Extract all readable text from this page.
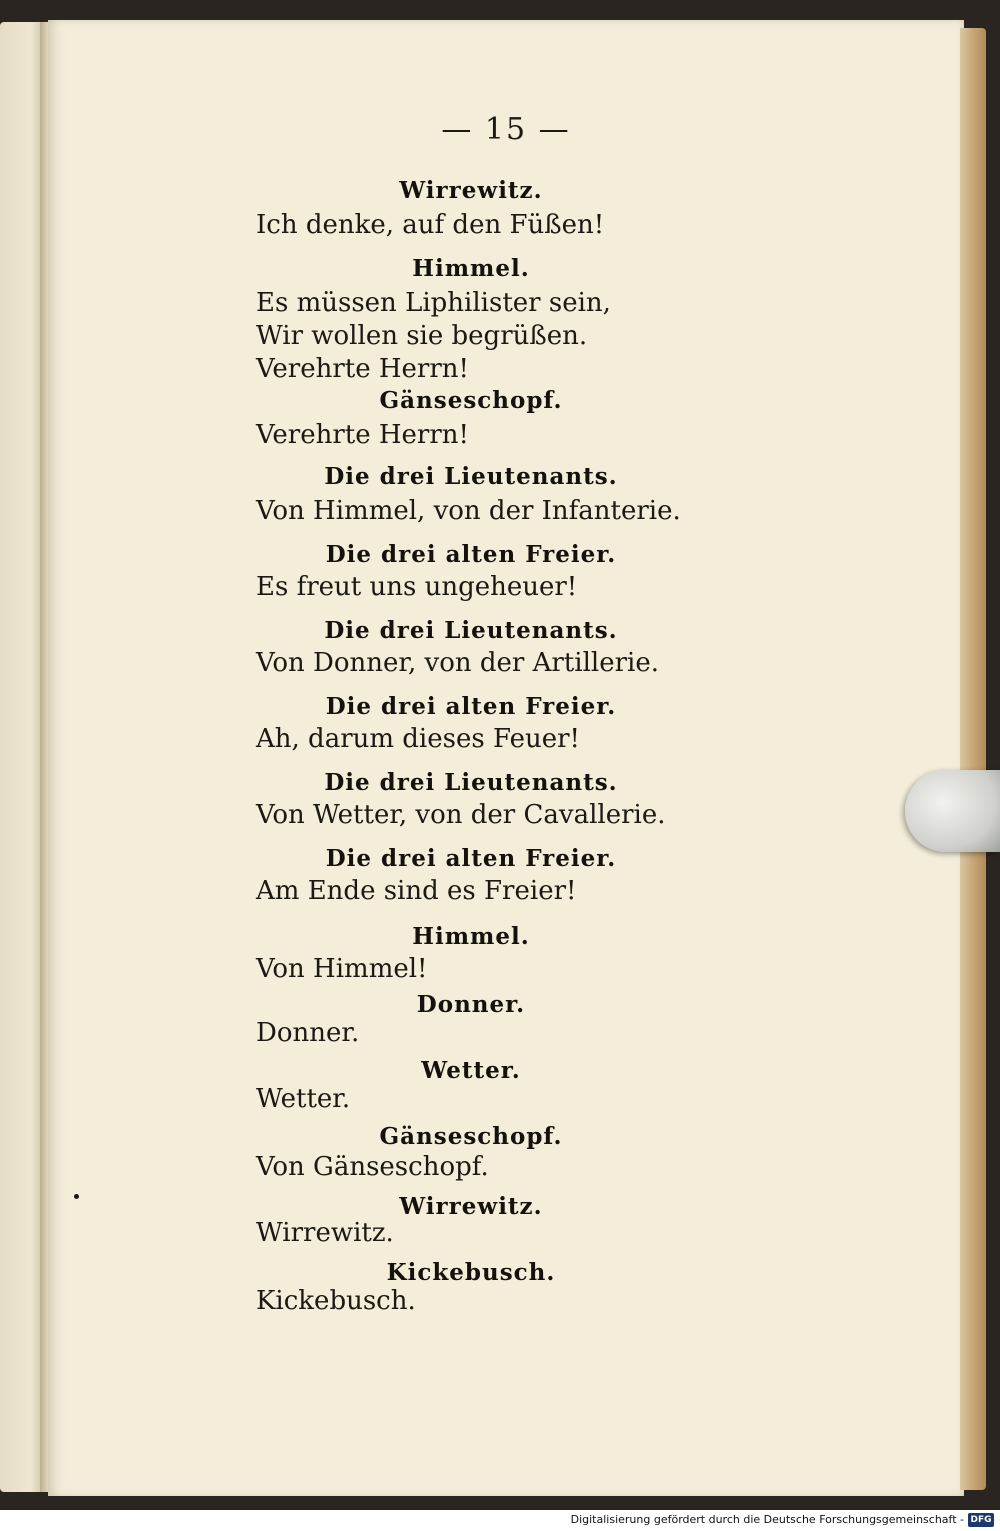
— 15 —
Wirrewitz.
Ich denke, auf den Füßen!
Himmel.
Es müssen Liphilister sein,
Wir wollen sie begrüßen.
Verehrte Herrn!
Gänseschopf.
Verehrte Herrn!
Die drei Lieutenants.
Von Himmel, von der Infanterie.
Die drei alten Freier.
Es freut uns ungeheuer!
Die drei Lieutenants.
Von Donner, von der Artillerie.
Die drei alten Freier.
Ah, darum dieses Feuer!
Die drei Lieutenants.
Von Wetter, von der Cavallerie.
Die drei alten Freier.
Am Ende sind es Freier!
Himmel.
Von Himmel!
Donner.
Donner.
Wetter.
Wetter.
Gänseschopf.
Von Gänseschopf.
Wirrewitz.
Wirrewitz.
Kickebusch.
Kickebusch.
Digitalisierung gefördert durch die Deutsche Forschungsgemeinschaft - DFG
